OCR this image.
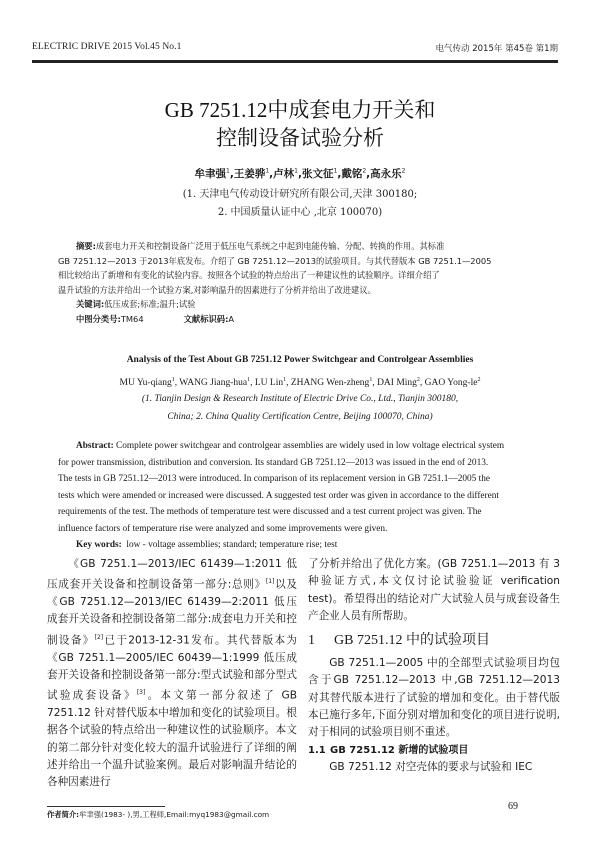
ELECTRIC DRIVE 2015 Vol.45 No.1	电气传动 2015年 第45卷 第1期
GB 7251.12中成套电力开关和
控制设备试验分析
牟聿强$^1$,王姜骅$^1$,卢林$^1$,张文征$^1$,戴铭$^2$,高永乐$^2$
(1. 天津电气传动设计研究所有限公司,天津 300180;
2. 中国质量认证中心 ,北京 100070)

摘要:成套电力开关和控制设备广泛用于低压电气系统之中起到电能传输、分配、转换的作用。其标准

GB 7251.12—2013 于2013年底发布。介绍了 GB 7251.12—2013的试验项目。与其代替版本 GB 7251.1—2005

相比较给出了新增和有变化的试验内容。按照各个试验的特点给出了一种建议性的试验顺序。详细介绍了

温升试验的方法并给出一个试验方案,对影响温升的因素进行了分析并给出了改进建议。

关键词:低压成套;标准;温升;试验

中图分类号:TM64	文献标识码:A

Analysis of the Test About GB 7251.12 Power Switchgear and Controlgear Assemblies
MU Yu-qiang$^1$, WANG Jiang-hua$^1$, LU Lin$^1$, ZHANG Wen-zheng$^1$, DAI Ming$^2$, GAO Yong-$le^2$
(1. Tianjin Design & Research Institute of Electric Drive Co., Ltd., Tianjin 300180,
China; 2. China Quality Certification Centre, Beijing 100070, China)

Abstract: Complete power switchgear and controlgear assemblies are widely used in low voltage electrical system

for power transmission, distribution and conversion. Its standard GB 7251.12—2013 was issued in the end of 2013.

The tests in GB 7251.12—2013 were introduced. In comparison of its replacement version in GB 7251.1—2005 the

tests which were amended or increased were discussed. A suggested test order was given in accordance to the different

requirements of the test. The methods of temperature test were discussed and a test current project was given. The

influence factors of temperature rise were analyzed and some improvements were given.

Key words: low - voltage assemblies; standard; temperature rise; test

《GB 7251.1—2013/IEC 61439—1:2011 低压成套开关设备和控制设备第一部分:总则》[1]以及《GB 7251.12—2013/IEC 61439—2:2011 低压成套开关设备和控制设备第二部分:成套电力开关和控制设备》[2]已于2013-12-31发布。其代替版本为《GB 7251.1—2005/IEC 60439—1:1999 低压成套开关设备和控制设备第一部分:型式试验和部分型式试验成套设备》[3]。本文第一部分叙述了 GB 7251.12 针对替代版本中增加和变化的试验项目。根据各个试验的特点给出一种建议性的试验顺序。本文的第二部分针对变化较大的温升试验进行了详细的阐述并给出一个温升试验案例。最后对影响温升结论的各种因素进行

了分析并给出了优化方案。(GB 7251.1—2013 有 3 种验证方式,本文仅讨论试验验证 verification test)。希望得出的结论对广大试验人员与成套设备生产企业人员有所帮助。

1 GB 7251.12 中的试验项目

GB 7251.1—2005 中的全部型式试验项目均包含于GB 7251.12—2013 中,GB 7251.12—2013 对其替代版本进行了试验的增加和变化。由于替代版本已施行多年,下面分别对增加和变化的项目进行说明,对于相同的试验项目则不重述。

1.1 GB 7251.12 新增的试验项目

GB 7251.12 对空壳体的要求与试验和 IEC

作者简介:牟聿强(1983- ),男,工程师,Email:myq1983@gmail.com
69
